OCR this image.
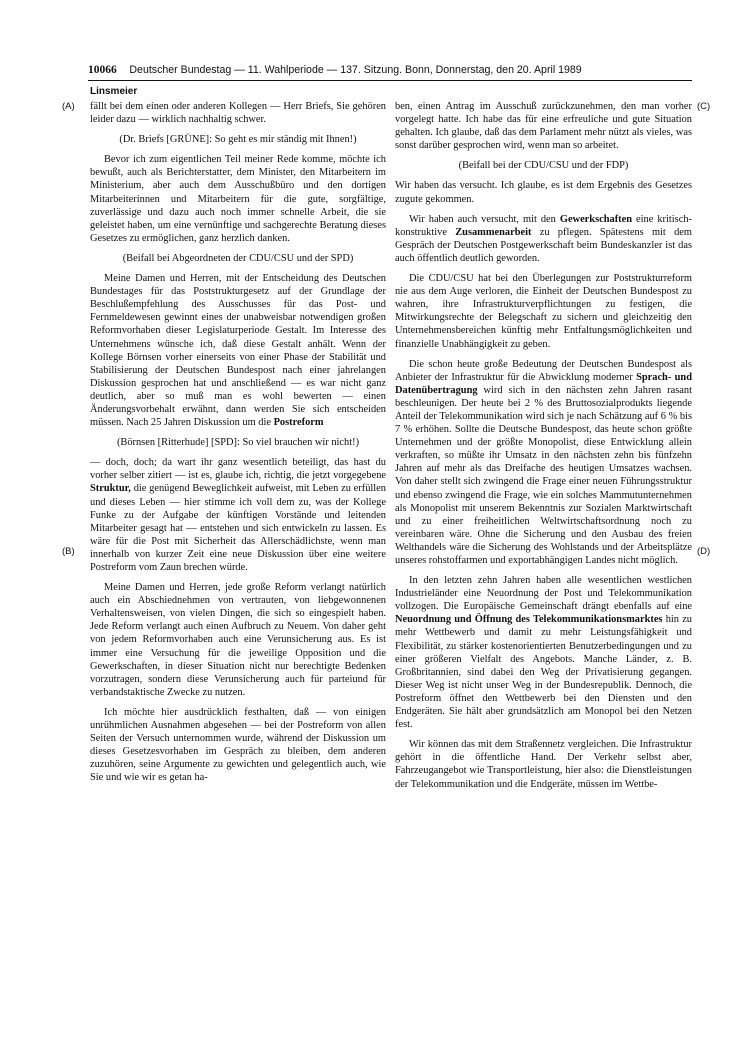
10066 Deutscher Bundestag — 11. Wahlperiode — 137. Sitzung. Bonn, Donnerstag, den 20. April 1989
Linsmeier
(A)
(B)
(C)
(D)

fällt bei dem einen oder anderen Kollegen — Herr Briefs, Sie gehören leider dazu — wirklich nachhaltig schwer.

(Dr. Briefs [GRÜNE]: So geht es mir ständig mit Ihnen!)

Bevor ich zum eigentlichen Teil meiner Rede komme, möchte ich bewußt, auch als Berichterstatter, dem Minister, den Mitarbeitern im Ministerium, aber auch dem Ausschußbüro und den dortigen Mitarbeiterinnen und Mitarbeitern für die gute, sorgfältige, zuverlässige und dazu auch noch immer schnelle Arbeit, die sie geleistet haben, um eine vernünftige und sachgerechte Beratung dieses Gesetzes zu ermöglichen, ganz herzlich danken.

(Beifall bei Abgeordneten der CDU/CSU und der SPD)

Meine Damen und Herren, mit der Entscheidung des Deutschen Bundestages für das Poststrukturgesetz auf der Grundlage der Beschlußempfehlung des Ausschusses für das Post- und Fernmeldewesen gewinnt eines der unabweisbar notwendigen großen Reformvorhaben dieser Legislaturperiode Gestalt. Im Interesse des Unternehmens wünsche ich, daß diese Gestalt anhält. Wenn der Kollege Börnsen vorher einerseits von einer Phase der Stabilität und Stabilisierung der Deutschen Bundespost nach einer jahrelangen Diskussion gesprochen hat und anschließend — es war nicht ganz deutlich, aber so muß man es wohl bewerten — einen Änderungsvorbehalt erwähnt, dann werden Sie sich entscheiden müssen. Nach 25 Jahren Diskussion um die Postreform

(Börnsen [Ritterhude] [SPD]: So viel brauchen wir nicht!)

— doch, doch; da wart ihr ganz wesentlich beteiligt, das hast du vorher selber zitiert — ist es, glaube ich, richtig, die jetzt vorgegebene Struktur, die genügend Beweglichkeit aufweist, mit Leben zu erfüllen und dieses Leben — hier stimme ich voll dem zu, was der Kollege Funke zu der Aufgabe der künftigen Vorstände und leitenden Mitarbeiter gesagt hat — entstehen und sich entwickeln zu lassen. Es wäre für die Post mit Sicherheit das Allerschädlichste, wenn man innerhalb von kurzer Zeit eine neue Diskussion über eine weitere Postreform vom Zaun brechen würde.

Meine Damen und Herren, jede große Reform verlangt natürlich auch ein Abschiednehmen von vertrauten, von liebgewonnenen Verhaltensweisen, von vielen Dingen, die sich so eingespielt haben. Jede Reform verlangt auch einen Aufbruch zu Neuem. Von daher geht von jedem Reformvorhaben auch eine Verunsicherung aus. Es ist immer eine Versuchung für die jeweilige Opposition und die Gewerkschaften, in dieser Situation nicht nur berechtigte Bedenken vorzutragen, sondern diese Verunsicherung auch für parteiund für verbandstaktische Zwecke zu nutzen.

Ich möchte hier ausdrücklich festhalten, daß — von einigen unrühmlichen Ausnahmen abgesehen — bei der Postreform von allen Seiten der Versuch unternommen wurde, während der Diskussion um dieses Gesetzesvorhaben im Gespräch zu bleiben, dem anderen zuzuhören, seine Argumente zu gewichten und gelegentlich auch, wie Sie und wie wir es getan ha-

ben, einen Antrag im Ausschuß zurückzunehmen, den man vorher vorgelegt hatte. Ich habe das für eine erfreuliche und gute Situation gehalten. Ich glaube, daß das dem Parlament mehr nützt als vieles, was sonst darüber gesprochen wird, wenn man so arbeitet.

(Beifall bei der CDU/CSU und der FDP)

Wir haben das versucht. Ich glaube, es ist dem Ergebnis des Gesetzes zugute gekommen.

Wir haben auch versucht, mit den Gewerkschaften eine kritisch-konstruktive Zusammenarbeit zu pflegen. Spätestens mit dem Gespräch der Deutschen Postgewerkschaft beim Bundeskanzler ist das auch öffentlich deutlich geworden.

Die CDU/CSU hat bei den Überlegungen zur Poststrukturreform nie aus dem Auge verloren, die Einheit der Deutschen Bundespost zu wahren, ihre Infrastrukturverpflichtungen zu festigen, die Mitwirkungsrechte der Belegschaft zu sichern und gleichzeitig den Unternehmensbereichen künftig mehr Entfaltungsmöglichkeiten und finanzielle Unabhängigkeit zu geben.

Die schon heute große Bedeutung der Deutschen Bundespost als Anbieter der Infrastruktur für die Abwicklung moderner Sprach- und Datenübertragung wird sich in den nächsten zehn Jahren rasant beschleunigen. Der heute bei 2 % des Bruttosozialprodukts liegende Anteil der Telekommunikation wird sich je nach Schätzung auf 6 % bis 7 % erhöhen. Sollte die Deutsche Bundespost, das heute schon größte Unternehmen und der größte Monopolist, diese Entwicklung allein verkraften, so müßte ihr Umsatz in den nächsten zehn bis fünfzehn Jahren auf mehr als das Dreifache des heutigen Umsatzes wachsen. Von daher stellt sich zwingend die Frage einer neuen Führungsstruktur und ebenso zwingend die Frage, wie ein solches Mammutunternehmen als Monopolist mit unserem Bekenntnis zur Sozialen Marktwirtschaft und zu einer freiheitlichen Weltwirtschaftsordnung noch zu vereinbaren wäre. Ohne die Sicherung und den Ausbau des freien Welthandels wäre die Sicherung des Wohlstands und der Arbeitsplätze unseres rohstoffarmen und exportabhängigen Landes nicht möglich.

In den letzten zehn Jahren haben alle wesentlichen westlichen Industrieländer eine Neuordnung der Post und Telekommunikation vollzogen. Die Europäische Gemeinschaft drängt ebenfalls auf eine Neuordnung und Öffnung des Telekommunikationsmarktes hin zu mehr Wettbewerb und damit zu mehr Leistungsfähigkeit und Flexibilität, zu stärker kostenorientierten Benutzerbedingungen und zu einer größeren Vielfalt des Angebots. Manche Länder, z. B. Großbritannien, sind dabei den Weg der Privatisierung gegangen. Dieser Weg ist nicht unser Weg in der Bundesrepublik. Dennoch, die Postreform öffnet den Wettbewerb bei den Diensten und den Endgeräten. Sie hält aber grundsätzlich am Monopol bei den Netzen fest.

Wir können das mit dem Straßennetz vergleichen. Die Infrastruktur gehört in die öffentliche Hand. Der Verkehr selbst aber, Fahrzeugangebot wie Transportleistung, hier also: die Dienstleistungen der Telekommunikation und die Endgeräte, müssen im Wettbe-
